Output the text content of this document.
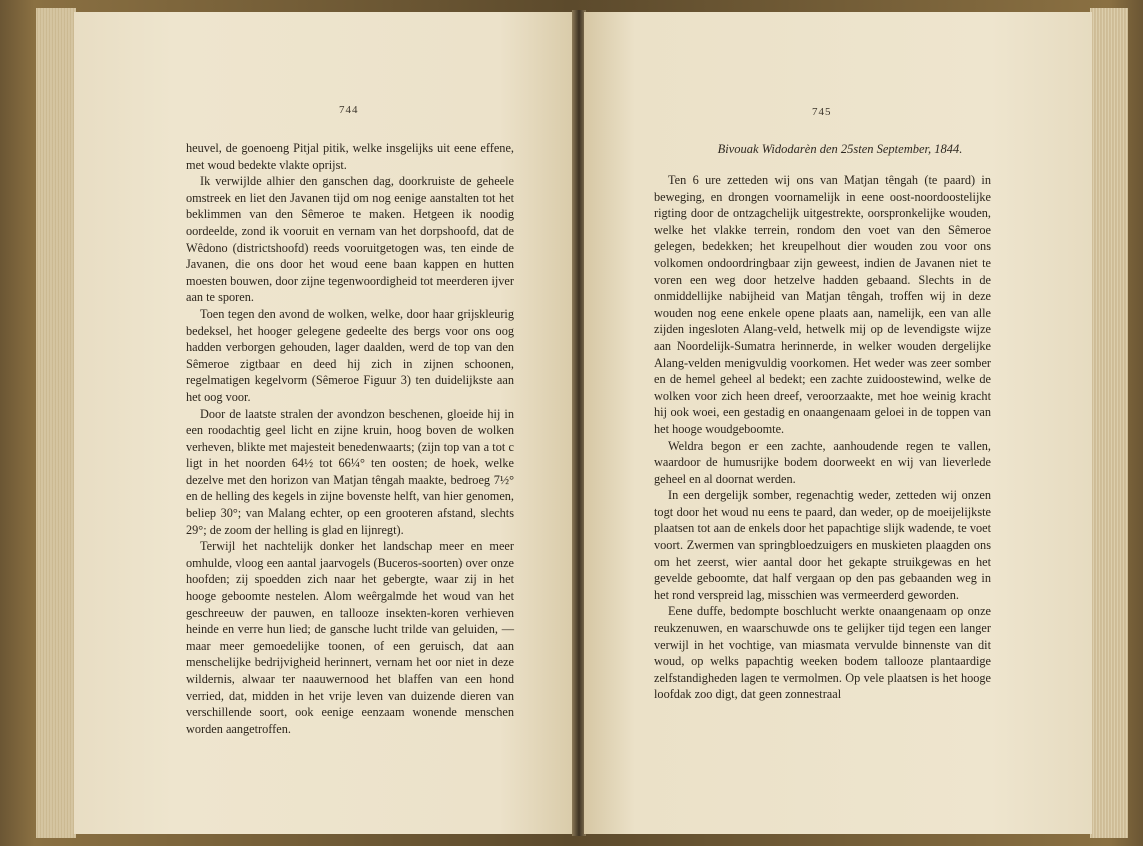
744

heuvel, de goenoeng Pitjal pitik, welke insgelijks uit eene effene, met woud bedekte vlakte oprijst.

Ik verwijlde alhier den ganschen dag, doorkruiste de geheele omstreek en liet den Javanen tijd om nog eenige aanstalten tot het beklimmen van den Sêmeroe te maken. Hetgeen ik noodig oordeelde, zond ik vooruit en vernam van het dorpshoofd, dat de Wêdono (districtshoofd) reeds vooruitgetogen was, ten einde de Javanen, die ons door het woud eene baan kappen en hutten moesten bouwen, door zijne tegenwoordigheid tot meerderen ijver aan te sporen.

Toen tegen den avond de wolken, welke, door haar grijskleurig bedeksel, het hooger gelegene gedeelte des bergs voor ons oog hadden verborgen gehouden, lager daalden, werd de top van den Sêmeroe zigtbaar en deed hij zich in zijnen schoonen, regelmatigen kegelvorm (Sêmeroe Figuur 3) ten duidelijkste aan het oog voor.

Door de laatste stralen der avondzon beschenen, gloeide hij in een roodachtig geel licht en zijne kruin, hoog boven de wolken verheven, blikte met majesteit benedenwaarts; (zijn top van a tot c ligt in het noorden 64½ tot 66¼° ten oosten; de hoek, welke dezelve met den horizon van Matjan têngah maakte, bedroeg 7½° en de helling des kegels in zijne bovenste helft, van hier genomen, beliep 30°; van Malang echter, op een grooteren afstand, slechts 29°; de zoom der helling is glad en lijnregt).

Terwijl het nachtelijk donker het landschap meer en meer omhulde, vloog een aantal jaarvogels (Buceros-soorten) over onze hoofden; zij spoedden zich naar het gebergte, waar zij in het hooge geboomte nestelen. Alom weêrgalmde het woud van het geschreeuw der pauwen, en tallooze insekten-koren verhieven heinde en verre hun lied; de gansche lucht trilde van geluiden, — maar meer gemoedelijke toonen, of een geruisch, dat aan menschelijke bedrijvigheid herinnert, vernam het oor niet in deze wildernis, alwaar ter naauwernood het blaffen van een hond verried, dat, midden in het vrije leven van duizende dieren van verschillende soort, ook eenige eenzaam wonende menschen worden aangetroffen.

745
Bivouak Widodarèn den 25sten September, 1844.

Ten 6 ure zetteden wij ons van Matjan têngah (te paard) in beweging, en drongen voornamelijk in eene oost-noordoostelijke rigting door de ontzagchelijk uitgestrekte, oorspronkelijke wouden, welke het vlakke terrein, rondom den voet van den Sêmeroe gelegen, bedekken; het kreupelhout dier wouden zou voor ons volkomen ondoordringbaar zijn geweest, indien de Javanen niet te voren een weg door hetzelve hadden gebaand. Slechts in de onmiddellijke nabijheid van Matjan têngah, troffen wij in deze wouden nog eene enkele opene plaats aan, namelijk, een van alle zijden ingesloten Alang-veld, hetwelk mij op de levendigste wijze aan Noordelijk-Sumatra herinnerde, in welker wouden dergelijke Alang-velden menigvuldig voorkomen. Het weder was zeer somber en de hemel geheel al bedekt; een zachte zuidoostewind, welke de wolken voor zich heen dreef, veroorzaakte, met hoe weinig kracht hij ook woei, een gestadig en onaangenaam geloei in de toppen van het hooge woudgeboomte.

Weldra begon er een zachte, aanhoudende regen te vallen, waardoor de humusrijke bodem doorweekt en wij van lieverlede geheel en al doornat werden.

In een dergelijk somber, regenachtig weder, zetteden wij onzen togt door het woud nu eens te paard, dan weder, op de moeijelijkste plaatsen tot aan de enkels door het papachtige slijk wadende, te voet voort. Zwermen van springbloedzuigers en muskieten plaagden ons om het zeerst, wier aantal door het gekapte struikgewas en het gevelde geboomte, dat half vergaan op den pas gebaanden weg in het rond verspreid lag, misschien was vermeerderd geworden.

Eene duffe, bedompte boschlucht werkte onaangenaam op onze reukzenuwen, en waarschuwde ons te gelijker tijd tegen een langer verwijl in het vochtige, van miasmata vervulde binnenste van dit woud, op welks papachtig weeken bodem tallooze plantaardige zelfstandigheden lagen te vermolmen. Op vele plaatsen is het hooge loofdak zoo digt, dat geen zonnestraal
